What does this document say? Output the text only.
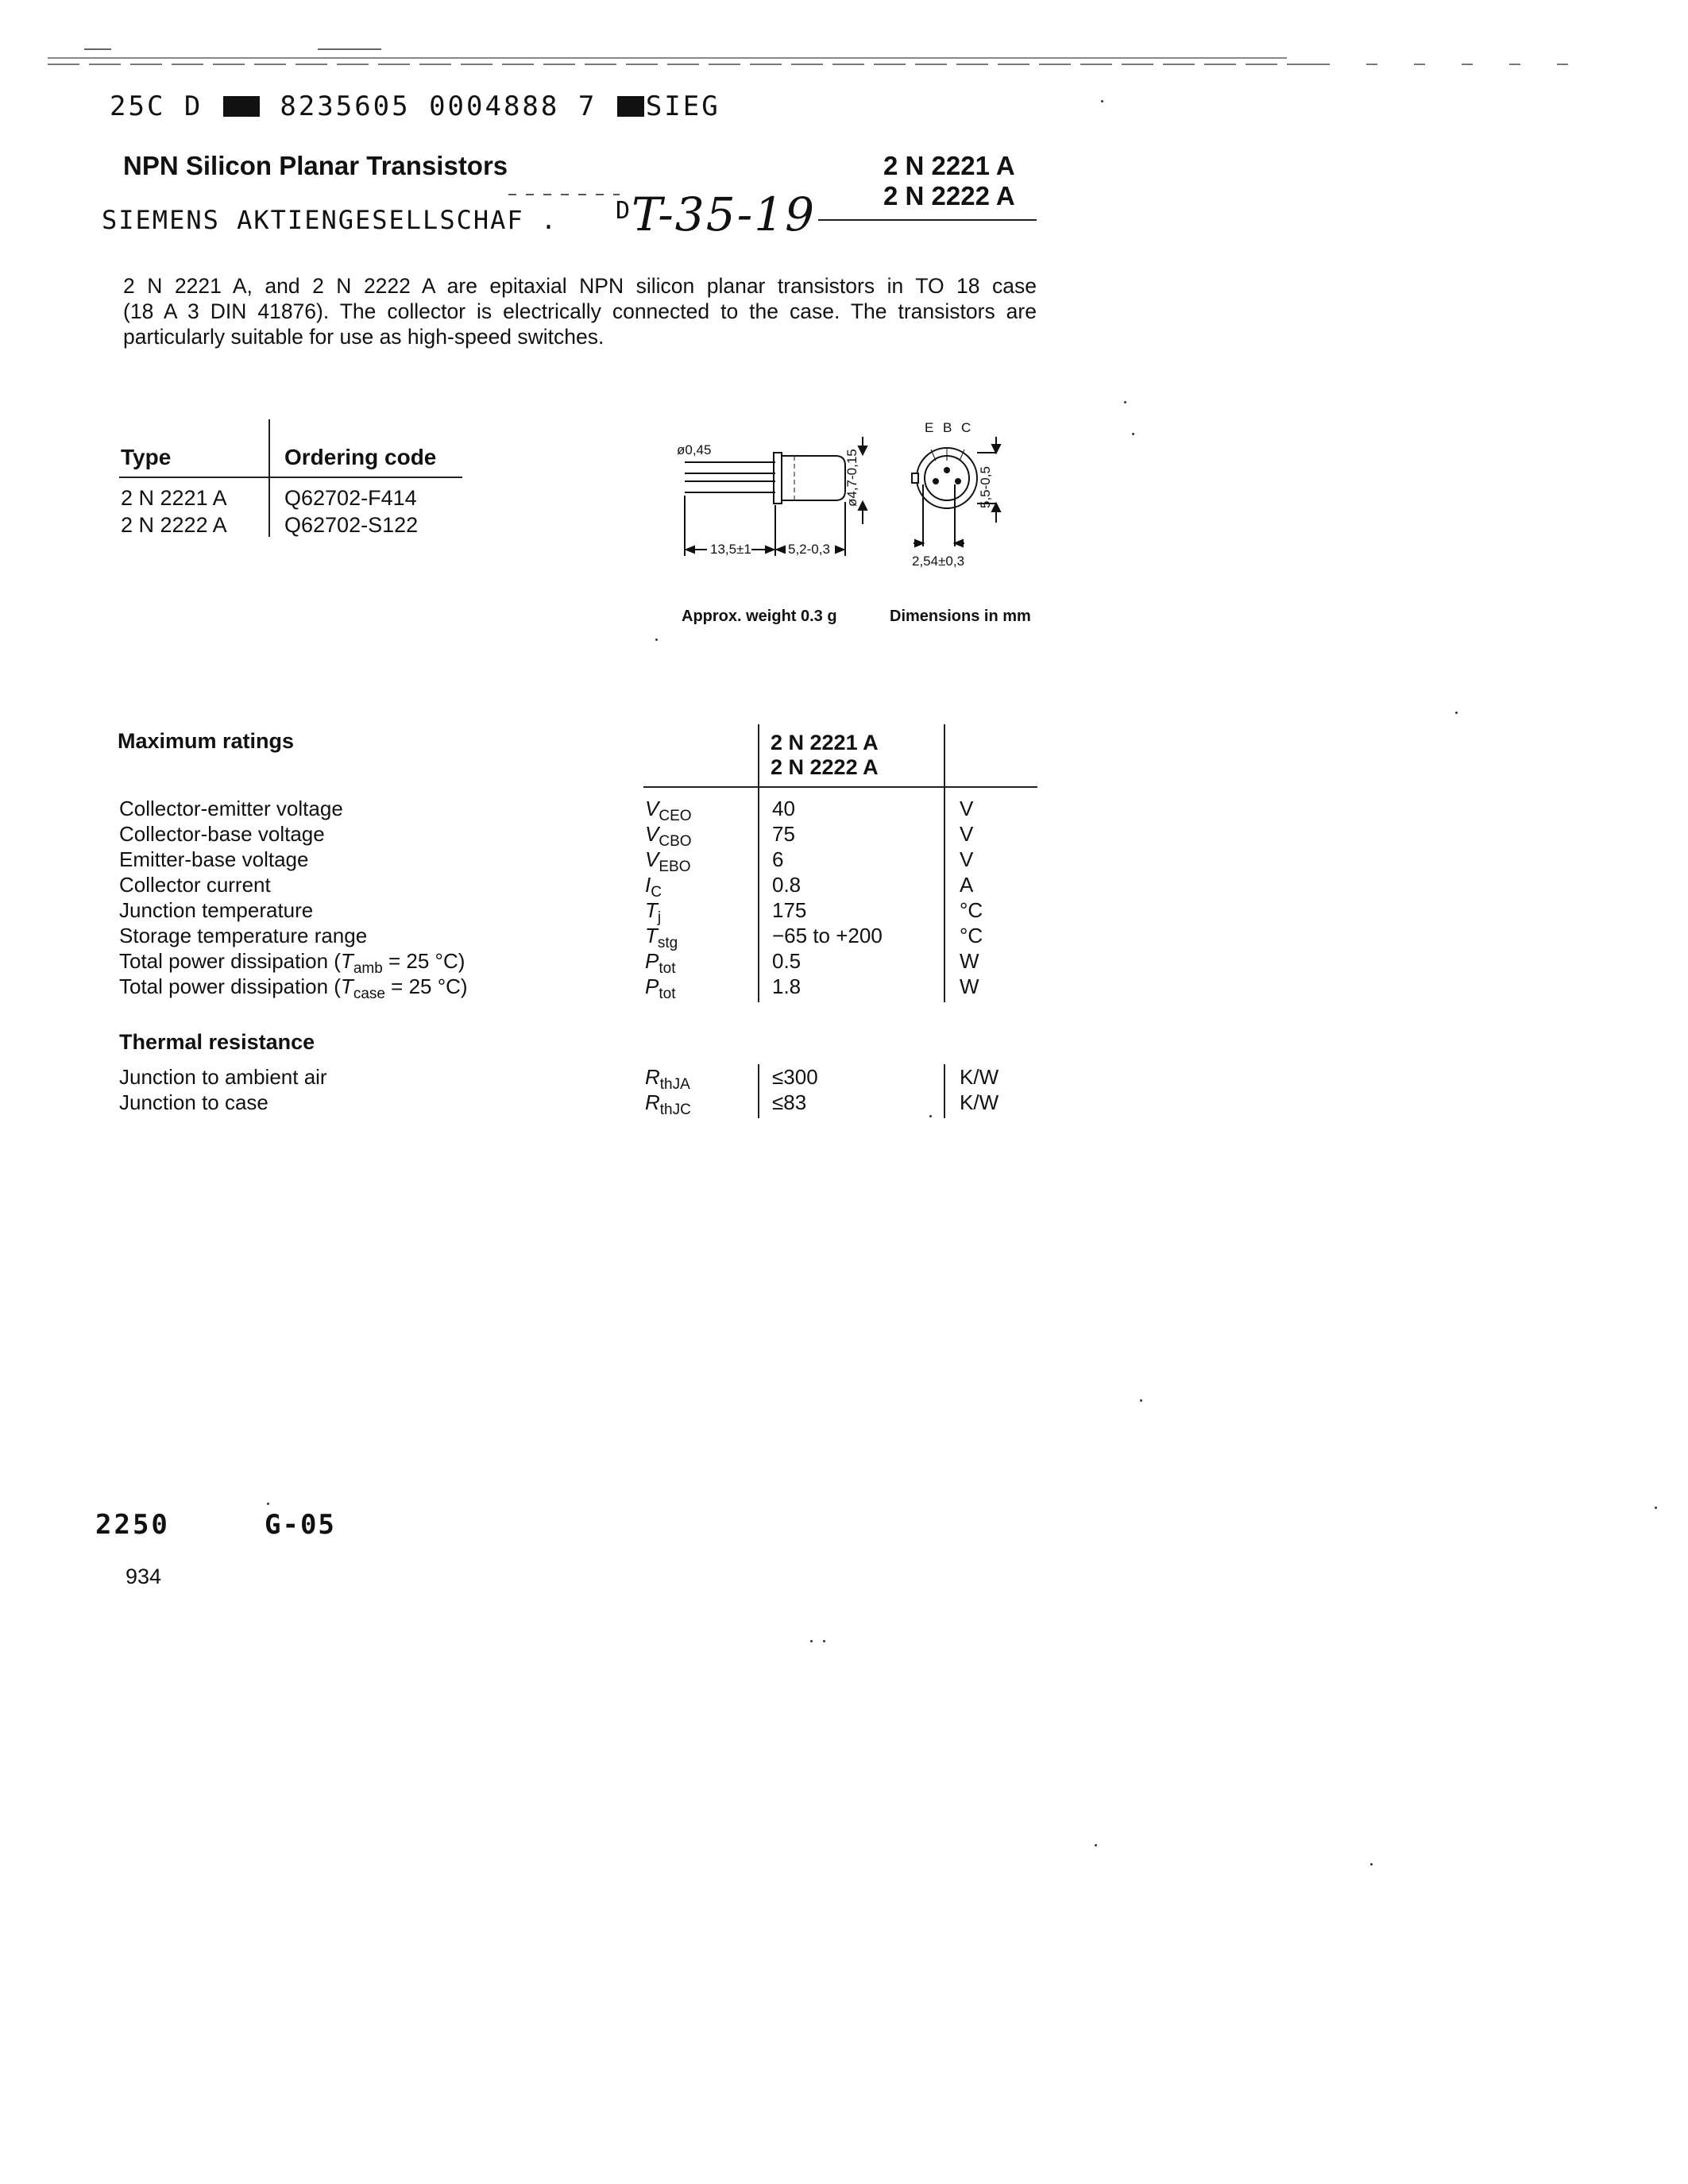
25C D	8235605 0004888 7 SIEG
NPN Silicon Planar Transistors	2 N 2221 A
2 N 2222 A
SIEMENS AKTIENGESELLSCHAF . D T-35-19
2 N 2221 A, and 2 N 2222 A are epitaxial NPN silicon planar transistors in TO 18 case
(18 A 3 DIN 41876). The collector is electrically connected to the case. The transistors are
particularly suitable for use as high-speed switches.
Type	Ordering code
2 N 2221 A	Q62702-F414
2 N 2222 A	Q62702-S122
ø0,45
13,5±1	5,2-0,3
ø4,7-0,15	5,5-0,5
2,54±0,3
E B C
Approx. weight 0.3 g	Dimensions in mm
Maximum ratings	2 N 2221 A
2 N 2222 A
Collector-emitter voltage	$V_{CEO}$	40	V
Collector-base voltage	$V_{CBO}$	75	V
Emitter-base voltage	$V_{EBO}$	6	V
Collector current	$I_C$	0.8	A
Junction temperature	$T_j$	175	°C
Storage temperature range	$T_{stg}$	−65 to +200	°C
Total power dissipation ($T_{amb} = 25$ °C)	$P_{tot}$	0.5	W
Total power dissipation ($T_{case} = 25$ °C)	$P_{tot}$	1.8	W
Thermal resistance
Junction to ambient air	$R_{thJA}$	≤300	K/W
Junction to case	$R_{thJC}$	≤83	K/W
2250	G-05
934
